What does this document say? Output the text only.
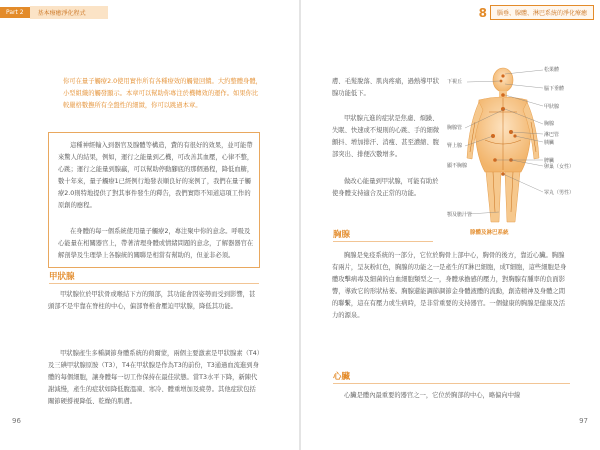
Part 2	基本療癒淨化程式

你可在量子觸療2.0使用實作所有各種療效的觸覺回饋。大約整體身體，小型組織的觸發顯示。本章可以幫助你專注於機轉效的運作。如果你比較嚴格數撫所有全盤性的細緻，你可以跳過本章。

這種神經輸入到器官及腺體等構造，費的有很好的效果，並可能帶來驚人的結果，例如，運行之能量到乙機，可改善其血壓，心律不整，心跳；運行之能量到腺贏，可以幫助停動腳底的那個過程，降低血糖，數十年來，量子觸療1已經例行地發表順良好的案例了，我們在量子觸療2.0則特地提供了對其事件發生的釋告，我們實際不知道這項工作的原創的應程。

在身體的每一個系統使用量子觸療2，專注聚中你的意念。呼吸及心能量在相關器官上，帶著清理身體或情緒問題的意念，了解器器官在解剖學及生理學上各腺統的關聯是相當有幫助的，但並非必須。

甲狀腺

甲狀腺位於甲狀骨或喉結下方的頸部，其功能會因姿勢而受到影響，甚頭部不是牢靠在脊柱的中心，偏部脊椎會壓迫甲狀腺，降低其功能。

甲狀腺產生多種調節身體系統的荷爾蒙，兩個主要激素是甲狀腺素（T4）及三碘甲狀腺原胺（T3），T4在甲狀腺是作為T3的前份，T3通過血流進到身體的每個細胞，讓身體每一切工作保持在最佳狀態。當T3水平下降，新陳代謝減慢，產生的症狀如降低腹溫凍、寒冷、體重增加及疲勞。其他症狀包括關節硬撐視降低、乾燥的肌膚。

96
8	腦垂、腺體、淋巴系統的淨化療癒

膚、毛髮脫落、肌肉疼痛，過熱導甲狀腺功能低下。

甲狀腺亢進的症狀是焦慮、煩躁、失眠、快速或不規則的心跳、手的細微顫抖、增加排汗、消瘦、甚至濃縮、腹部突出、排便次數增多。

做改心能量到甲狀腺，可能有助於使身體支持適合及正常的功能。

松果體
下視丘
腦下垂體
甲狀腺
胸腺
胸腺管
淋巴管
胰臟
腎上腺
脾臟
卵巢（女性）
睪丸（男性）
顯不胸腺
顎及膽汁管
腺體及淋巴系統
胸腺

胸腺是免疫系統的一部分，它位於胸骨上部中心，胸骨的後方，靠近心臟。胸腺有兩片，呈灰粉紅色，胸腺的功能之一是產生的T淋巴細胞，成T細胞，這些細胞是身體攻擊病毒及細菌的白血細胞類型之一，身體承擔感的壓力，對胸腺有腫率的負面影響，導致它的形狀枯萎。胸腺還能調節調節金身體液體的流動，創造精神及身體之間的聯繫，這在有壓力或生病時，是非常重要的支持器官。一個健康的胸腺是健康及活力的源泉。

心臟

心臟是體內最重要的器官之一，它位於胸部的中心，略偏向中線

97
